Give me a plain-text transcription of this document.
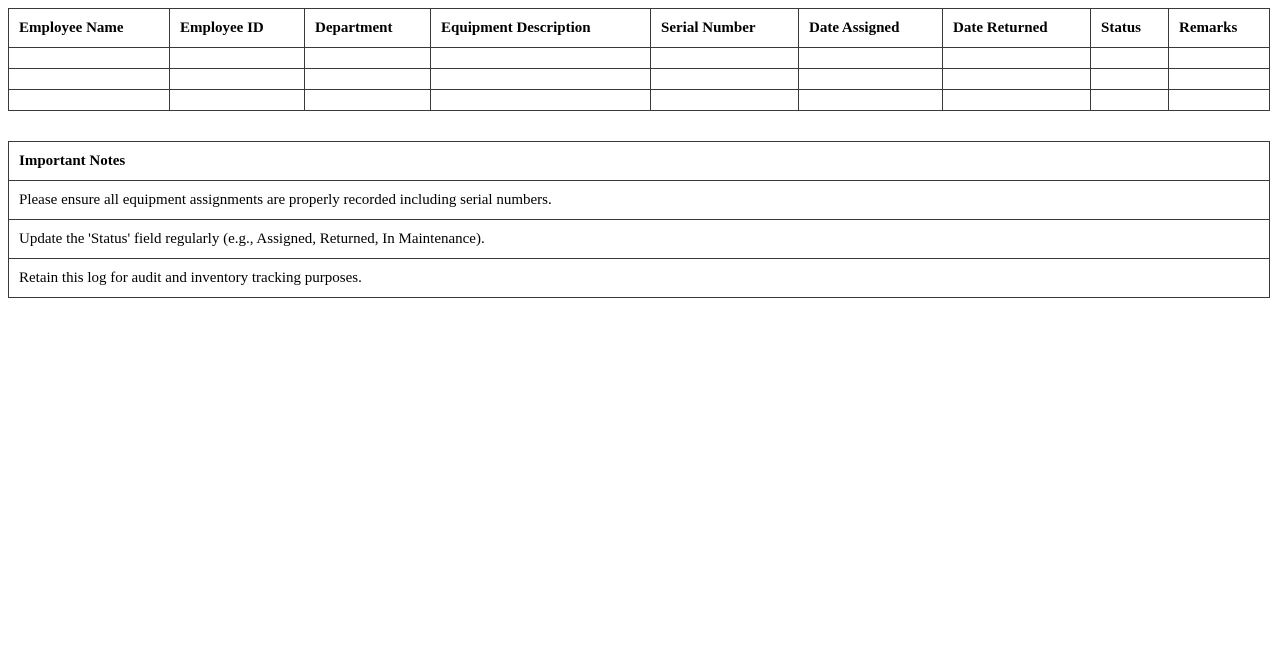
Employee Name	Employee ID	Department	Equipment Description	Serial Number	Date Assigned	Date Returned	Status	Remarks

Important Notes
Please ensure all equipment assignments are properly recorded including serial numbers.
Update the 'Status' field regularly (e.g., Assigned, Returned, In Maintenance).
Retain this log for audit and inventory tracking purposes.
